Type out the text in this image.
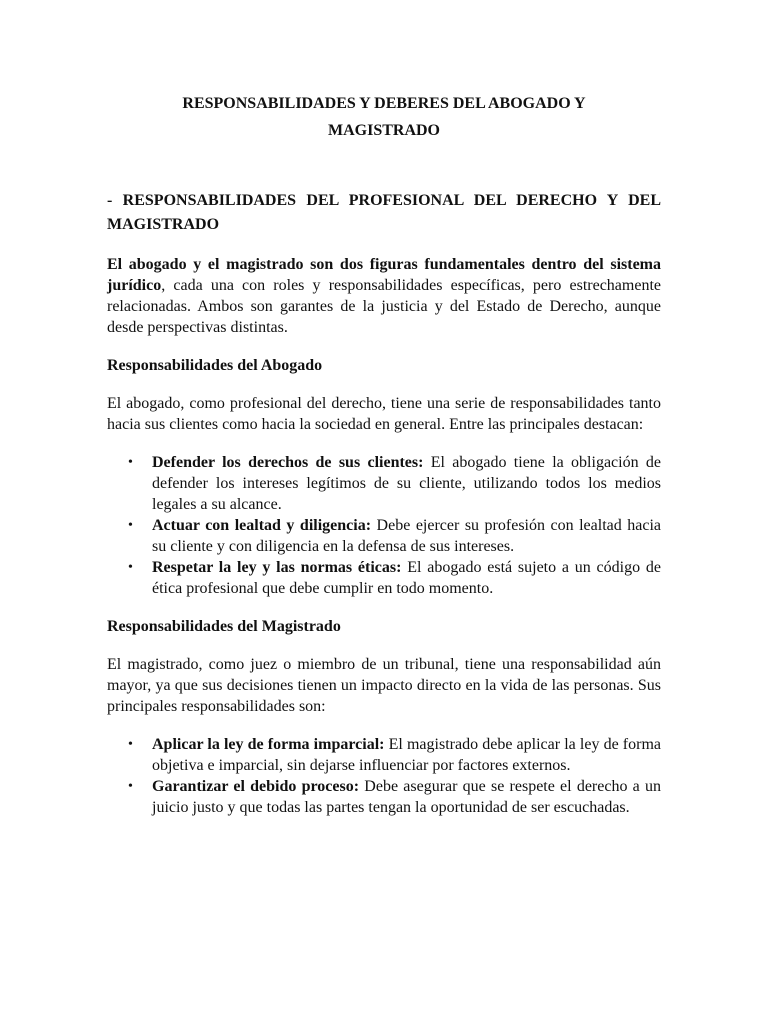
RESPONSABILIDADES Y DEBERES DEL ABOGADO Y MAGISTRADO

- RESPONSABILIDADES DEL PROFESIONAL DEL DERECHO Y DEL MAGISTRADO

El abogado y el magistrado son dos figuras fundamentales dentro del sistema jurídico, cada una con roles y responsabilidades específicas, pero estrechamente relacionadas. Ambos son garantes de la justicia y del Estado de Derecho, aunque desde perspectivas distintas.

Responsabilidades del Abogado

El abogado, como profesional del derecho, tiene una serie de responsabilidades tanto hacia sus clientes como hacia la sociedad en general. Entre las principales destacan:

• Defender los derechos de sus clientes: El abogado tiene la obligación de defender los intereses legítimos de su cliente, utilizando todos los medios legales a su alcance.
• Actuar con lealtad y diligencia: Debe ejercer su profesión con lealtad hacia su cliente y con diligencia en la defensa de sus intereses.
• Respetar la ley y las normas éticas: El abogado está sujeto a un código de ética profesional que debe cumplir en todo momento.

Responsabilidades del Magistrado

El magistrado, como juez o miembro de un tribunal, tiene una responsabilidad aún mayor, ya que sus decisiones tienen un impacto directo en la vida de las personas. Sus principales responsabilidades son:

• Aplicar la ley de forma imparcial: El magistrado debe aplicar la ley de forma objetiva e imparcial, sin dejarse influenciar por factores externos.
• Garantizar el debido proceso: Debe asegurar que se respete el derecho a un juicio justo y que todas las partes tengan la oportunidad de ser escuchadas.
